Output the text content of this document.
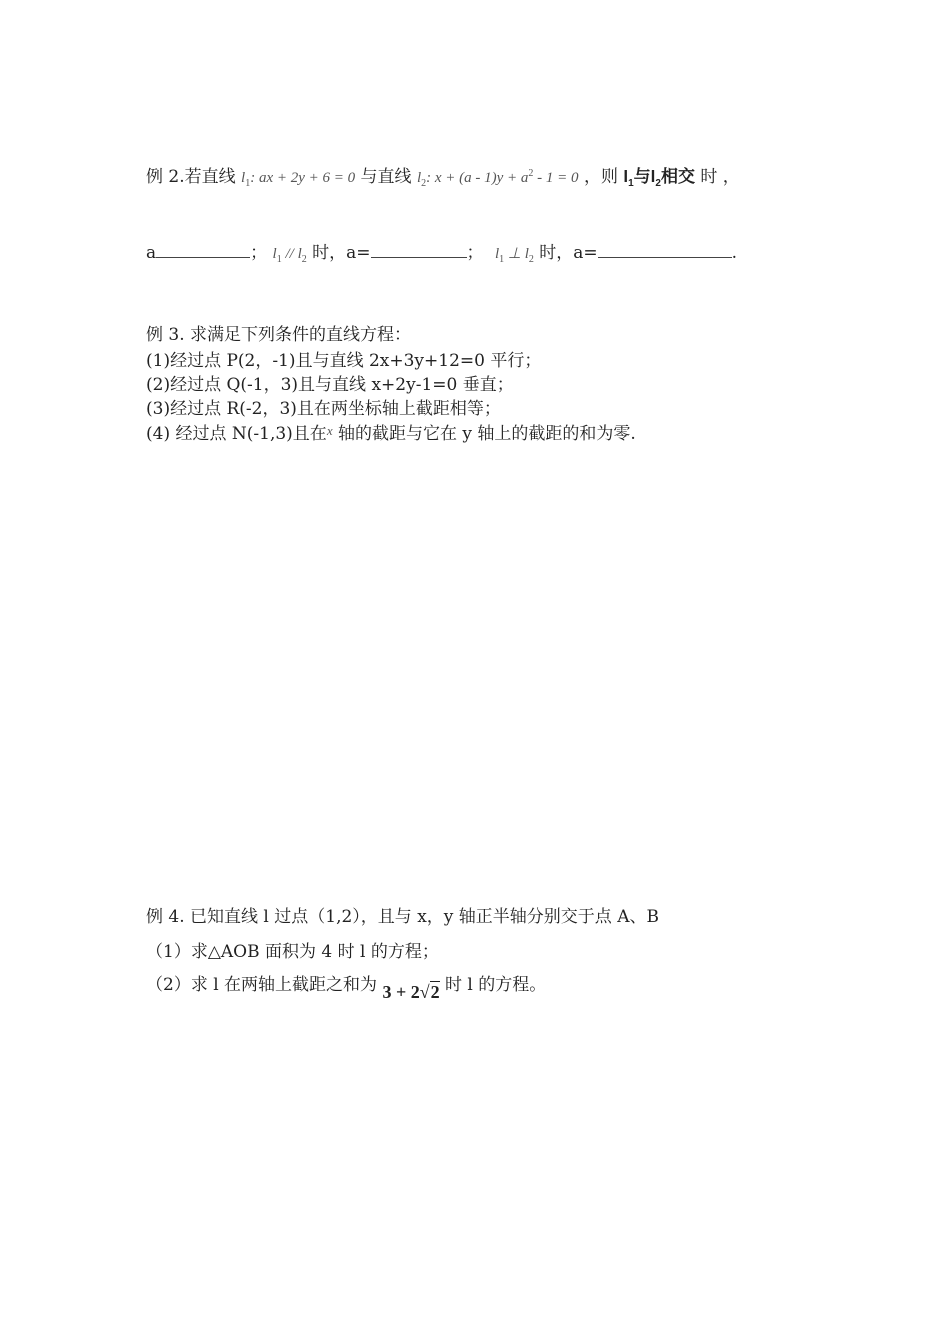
例 2.若直线 $l_1$: ax + 2y + 6 = 0 与直线 $l_2$: $x + (a - 1)y + a^2 - 1 = 0$ ，则 $l_1$与$l_2$相交 时 ，
a	； $l_1 // l_2$ 时，a=	； $l_1$ ⊥ $l_2$ 时，a=	.
例 3. 求满足下列条件的直线方程：
(1)经过点 P(2，-1)且与直线 2x+3y+12=0 平行；
(2)经过点 Q(-1，3)且与直线 x+2y-1=0 垂直；
(3)经过点 R(-2，3)且在两坐标轴上截距相等；
(4) 经过点 N(-1,3)且在$^x$ 轴的截距与它在 y 轴上的截距的和为零.
例 4. 已知直线 l 过点（1,2），且与 x，y 轴正半轴分别交于点 A、B
（1）求△AOB 面积为 4 时 l 的方程；
（2）求 l 在两轴上截距之和为 3 + 2√2 时 l 的方程。
